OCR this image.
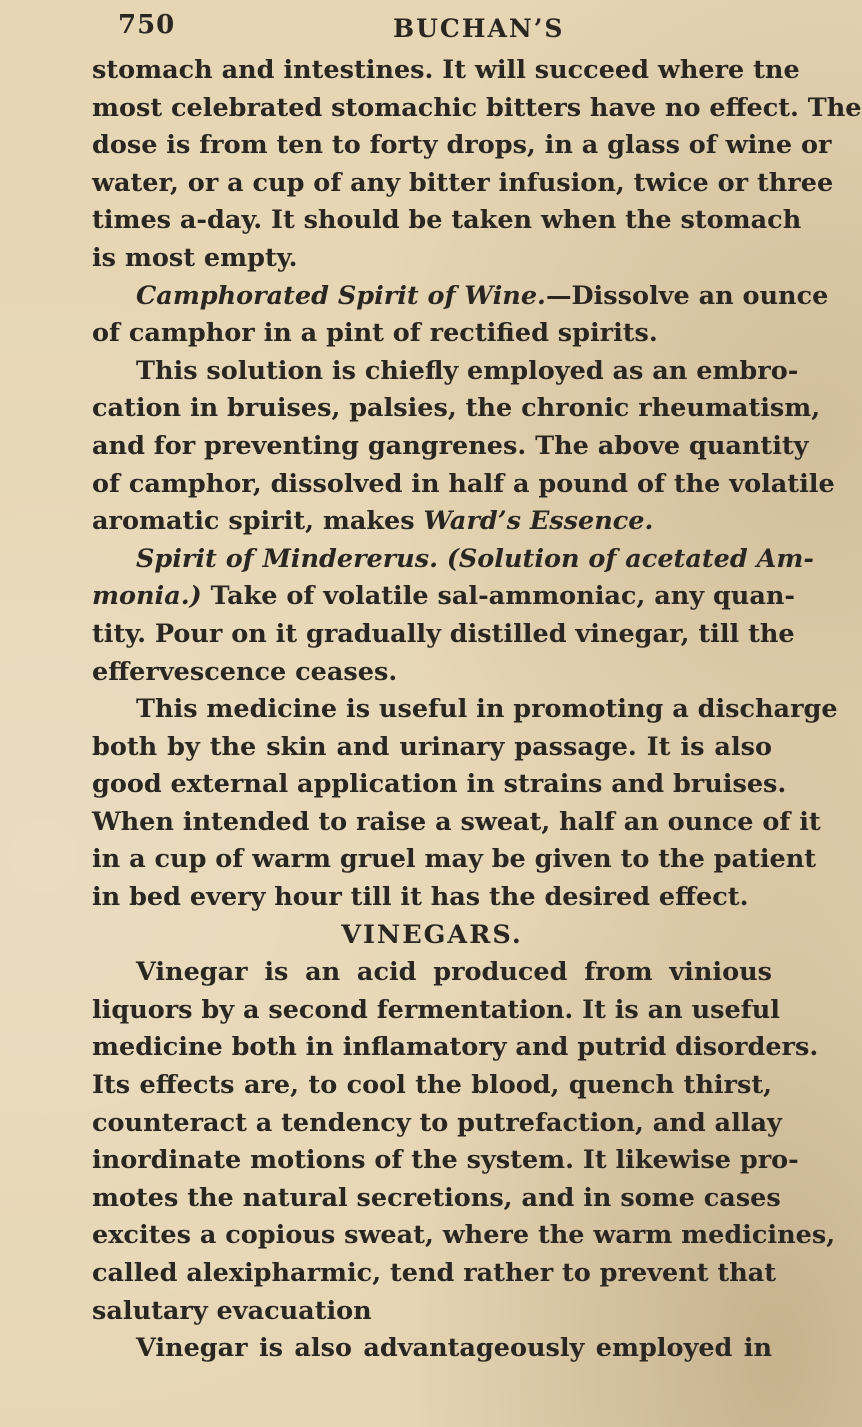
750	BUCHAN’S
stomach and intestines. It will succeed where tne
most celebrated stomachic bitters have no effect. The
dose is from ten to forty drops, in a glass of wine or
water, or a cup of any bitter infusion, twice or three
times a-day. It should be taken when the stomach
is most empty.
Camphorated Spirit of Wine.—Dissolve an ounce
of camphor in a pint of rectified spirits.
This solution is chiefly employed as an embro-
cation in bruises, palsies, the chronic rheumatism,
and for preventing gangrenes. The above quantity
of camphor, dissolved in half a pound of the volatile
aromatic spirit, makes Ward’s Essence.
Spirit of Mindererus. (Solution of acetated Am-
monia.) Take of volatile sal-ammoniac, any quan-
tity. Pour on it gradually distilled vinegar, till the
effervescence ceases.
This medicine is useful in promoting a discharge
both by the skin and urinary passage. It is also
good external application in strains and bruises.
When intended to raise a sweat, half an ounce of it
in a cup of warm gruel may be given to the patient
in bed every hour till it has the desired effect.
VINEGARS.
Vinegar is an acid produced from vinious
liquors by a second fermentation. It is an useful
medicine both in inflamatory and putrid disorders.
Its effects are, to cool the blood, quench thirst,
counteract a tendency to putrefaction, and allay
inordinate motions of the system. It likewise pro-
motes the natural secretions, and in some cases
excites a copious sweat, where the warm medicines,
called alexipharmic, tend rather to prevent that
salutary evacuation
Vinegar is also advantageously employed in
